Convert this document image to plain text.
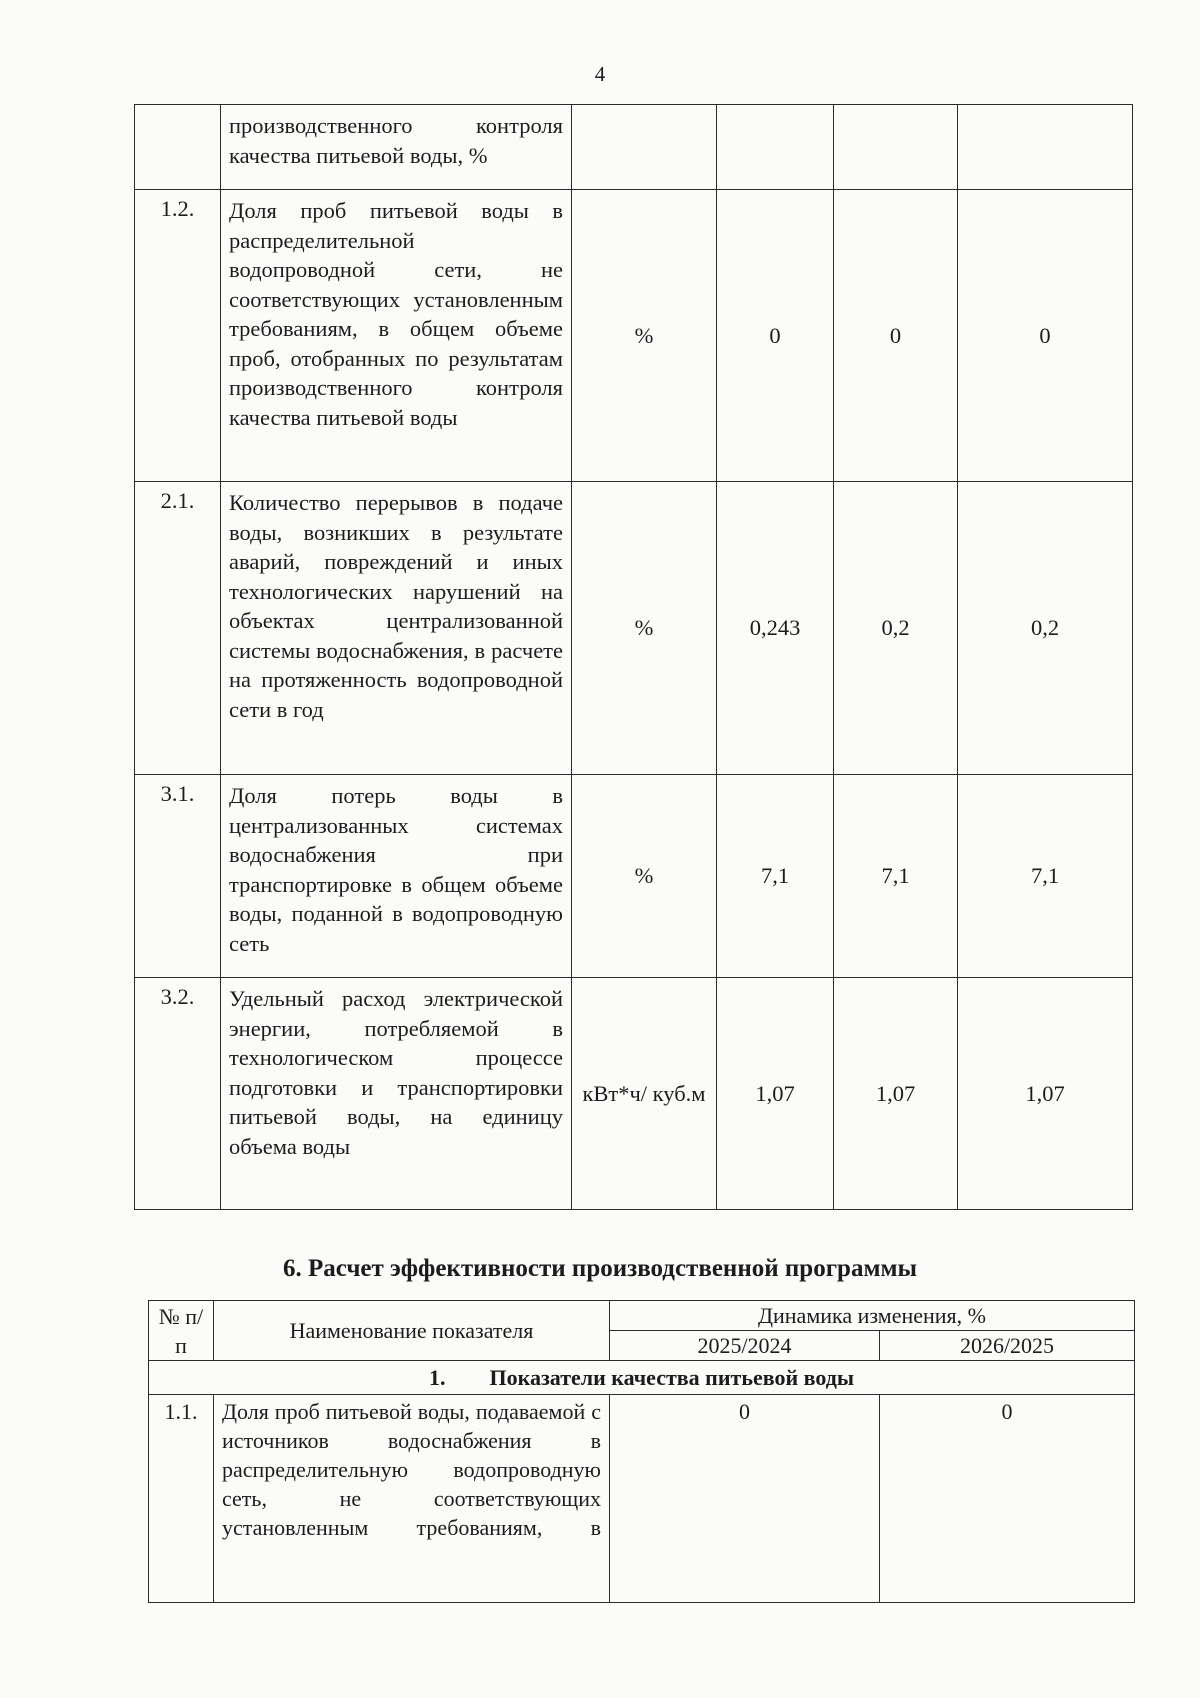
4
	производственного контроля качества питьевой воды, %				
1.2.	Доля проб питьевой воды в распределительной водопроводной сети, не соответствующих установленным требованиям, в общем объеме проб, отобранных по результатам производственного контроля качества питьевой воды	%	0	0	0
2.1.	Количество перерывов в подаче воды, возникших в результате аварий, повреждений и иных технологических нарушений на объектах централизованной системы водоснабжения, в расчете на протяженность водопроводной сети в год	%	0,243	0,2	0,2
3.1.	Доля потерь воды в централизованных системах водоснабжения при транспортировке в общем объеме воды, поданной в водопроводную сеть	%	7,1	7,1	7,1
3.2.	Удельный расход электрической энергии, потребляемой в технологическом процессе подготовки и транспортировки питьевой воды, на единицу объема воды	кВт*ч/ куб.м	1,07	1,07	1,07
6. Расчет эффективности производственной программы
№ п/п	Наименование показателя	Динамика изменения, %	
		2025/2024	2026/2025
1.  Показатели качества питьевой воды			
1.1.	Доля проб питьевой воды, подаваемой с источников водоснабжения в распределительную водопроводную сеть, не соответствующих установленным требованиям, в	0	0
